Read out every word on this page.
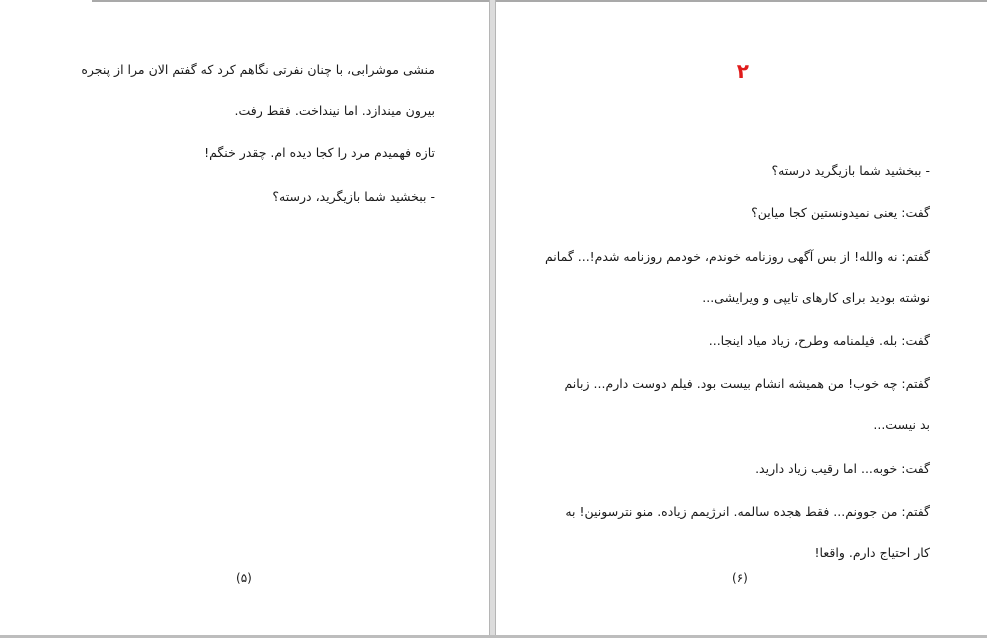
منشی موشرابی، با چنان نفرتی نگاهم کرد که گفتم الان مرا از پنجره
بیرون میندازد. اما نینداخت. فقط رفت.

تازه فهمیدم مرد را کجا دیده ام. چقدر خنگم!

- ببخشید شما بازیگرید، درسته؟

(۵)
۲

- ببخشید شما بازیگرید درسته؟

گفت: یعنی نمیدونستین کجا میاین؟

گفتم: نه والله! از بس آگهی روزنامه خوندم، خودمم روزنامه شدم!... گمانم
نوشته بودید برای کارهای تایپی و ویرایشی...

گفت: بله. فیلمنامه وطرح، زیاد میاد اینجا...

گفتم: چه خوب! من همیشه انشام بیست بود. فیلم دوست دارم... زبانم
بد نیست...

گفت: خوبه... اما رقیب زیاد دارید.

گفتم: من جوونم... فقط هجده سالمه. انرژیمم زیاده. منو نترسونین! به
کار احتیاج دارم. واقعا!

(۶)
